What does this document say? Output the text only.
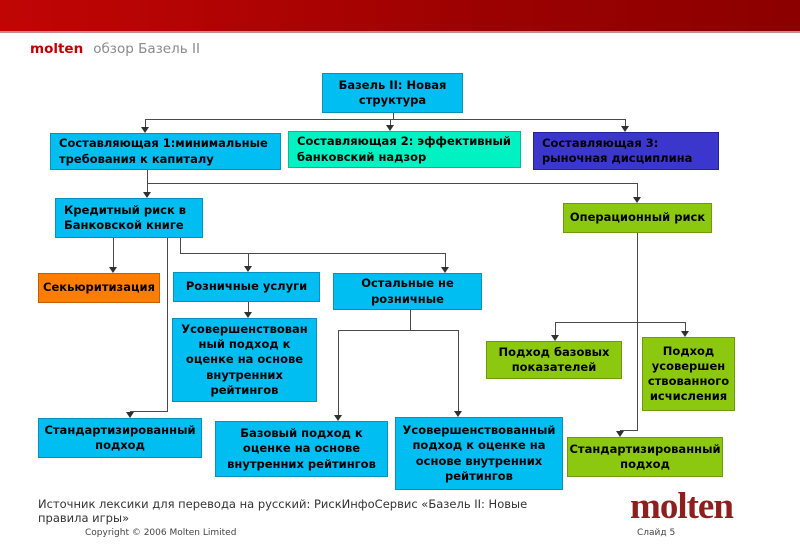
molten обзор Базель II
Базель II: Новая структура
Составляющая 1:минимальные требования к капиталу
Составляющая 2: эффективный банковский надзор
Составляющая 3: рыночная дисциплина
Кредитный риск в Банковской книге
Операционный риск
Секьюритизация	Розничные услуги	Остальные не розничные
Усовершенствован ный подход к оценке на основе внутренних рейтингов
Подход базовых показателей
Подход усовершен ствованного исчисления
Стандартизированный подход
Базовый подход к оценке на основе внутренних рейтингов
Усовершенствованный подход к оценке на основе внутренних рейтингов
Стандартизированный подход
Источник лексики для перевода на русский: РискИнфоСервис «Базель II: Новые правила игры»	molten
Copyright © 2006 Molten Limited	Слайд 5
